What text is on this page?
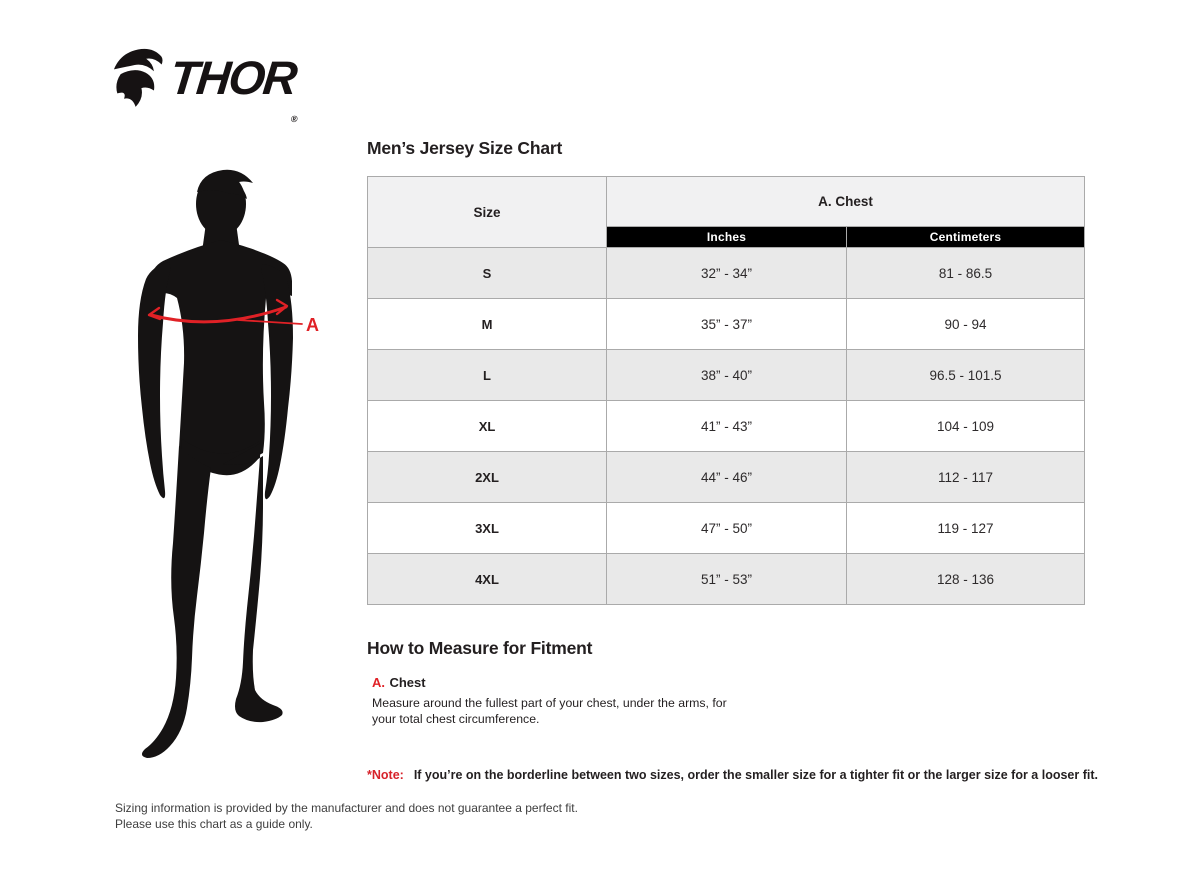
$THOR_®$
A
Men’s Jersey Size Chart
Size	A. Chest	
	Inches	Centimeters
S	32” - 34”	81 - 86.5
M	35” - 37”	90 - 94
L	38” - 40”	96.5 - 101.5
XL	41” - 43”	104 - 109
2XL	44” - 46”	112 - 117
3XL	47” - 50”	119 - 127
4XL	51” - 53”	128 - 136
How to Measure for Fitment
A. Chest
Measure around the fullest part of your chest, under the arms, for your total chest circumference.
*Note: If you’re on the borderline between two sizes, order the smaller size for a tighter fit or the larger size for a looser fit.
Sizing information is provided by the manufacturer and does not guarantee a perfect fit.
Please use this chart as a guide only.
